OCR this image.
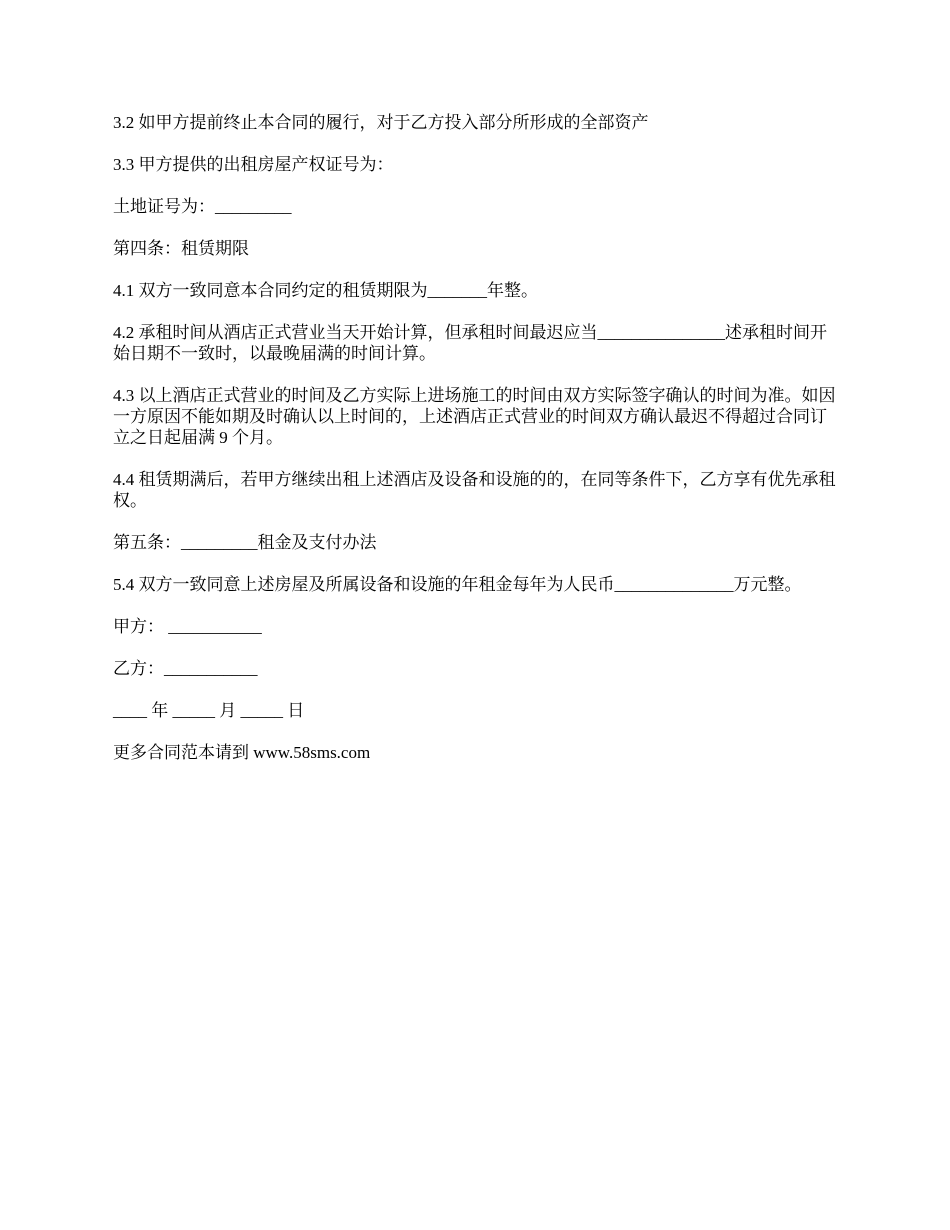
3.2 如甲方提前终止本合同的履行，对于乙方投入部分所形成的全部资产

3.3 甲方提供的出租房屋产权证号为：

土地证号为：_________

第四条：租赁期限

4.1 双方一致同意本合同约定的租赁期限为_______年整。

4.2 承租时间从酒店正式营业当天开始计算，但承租时间最迟应当_______________述承租时间开始日期不一致时，以最晚届满的时间计算。

4.3 以上酒店正式营业的时间及乙方实际上进场施工的时间由双方实际签字确认的时间为准。如因一方原因不能如期及时确认以上时间的，上述酒店正式营业的时间双方确认最迟不得超过合同订立之日起届满 9 个月。

4.4 租赁期满后，若甲方继续出租上述酒店及设备和设施的的，在同等条件下，乙方享有优先承租权。

第五条：_________租金及支付办法

5.4 双方一致同意上述房屋及所属设备和设施的年租金每年为人民币______________万元整。

甲方： ___________

乙方：___________

____ 年 _____ 月 _____ 日

更多合同范本请到 www.58sms.com
